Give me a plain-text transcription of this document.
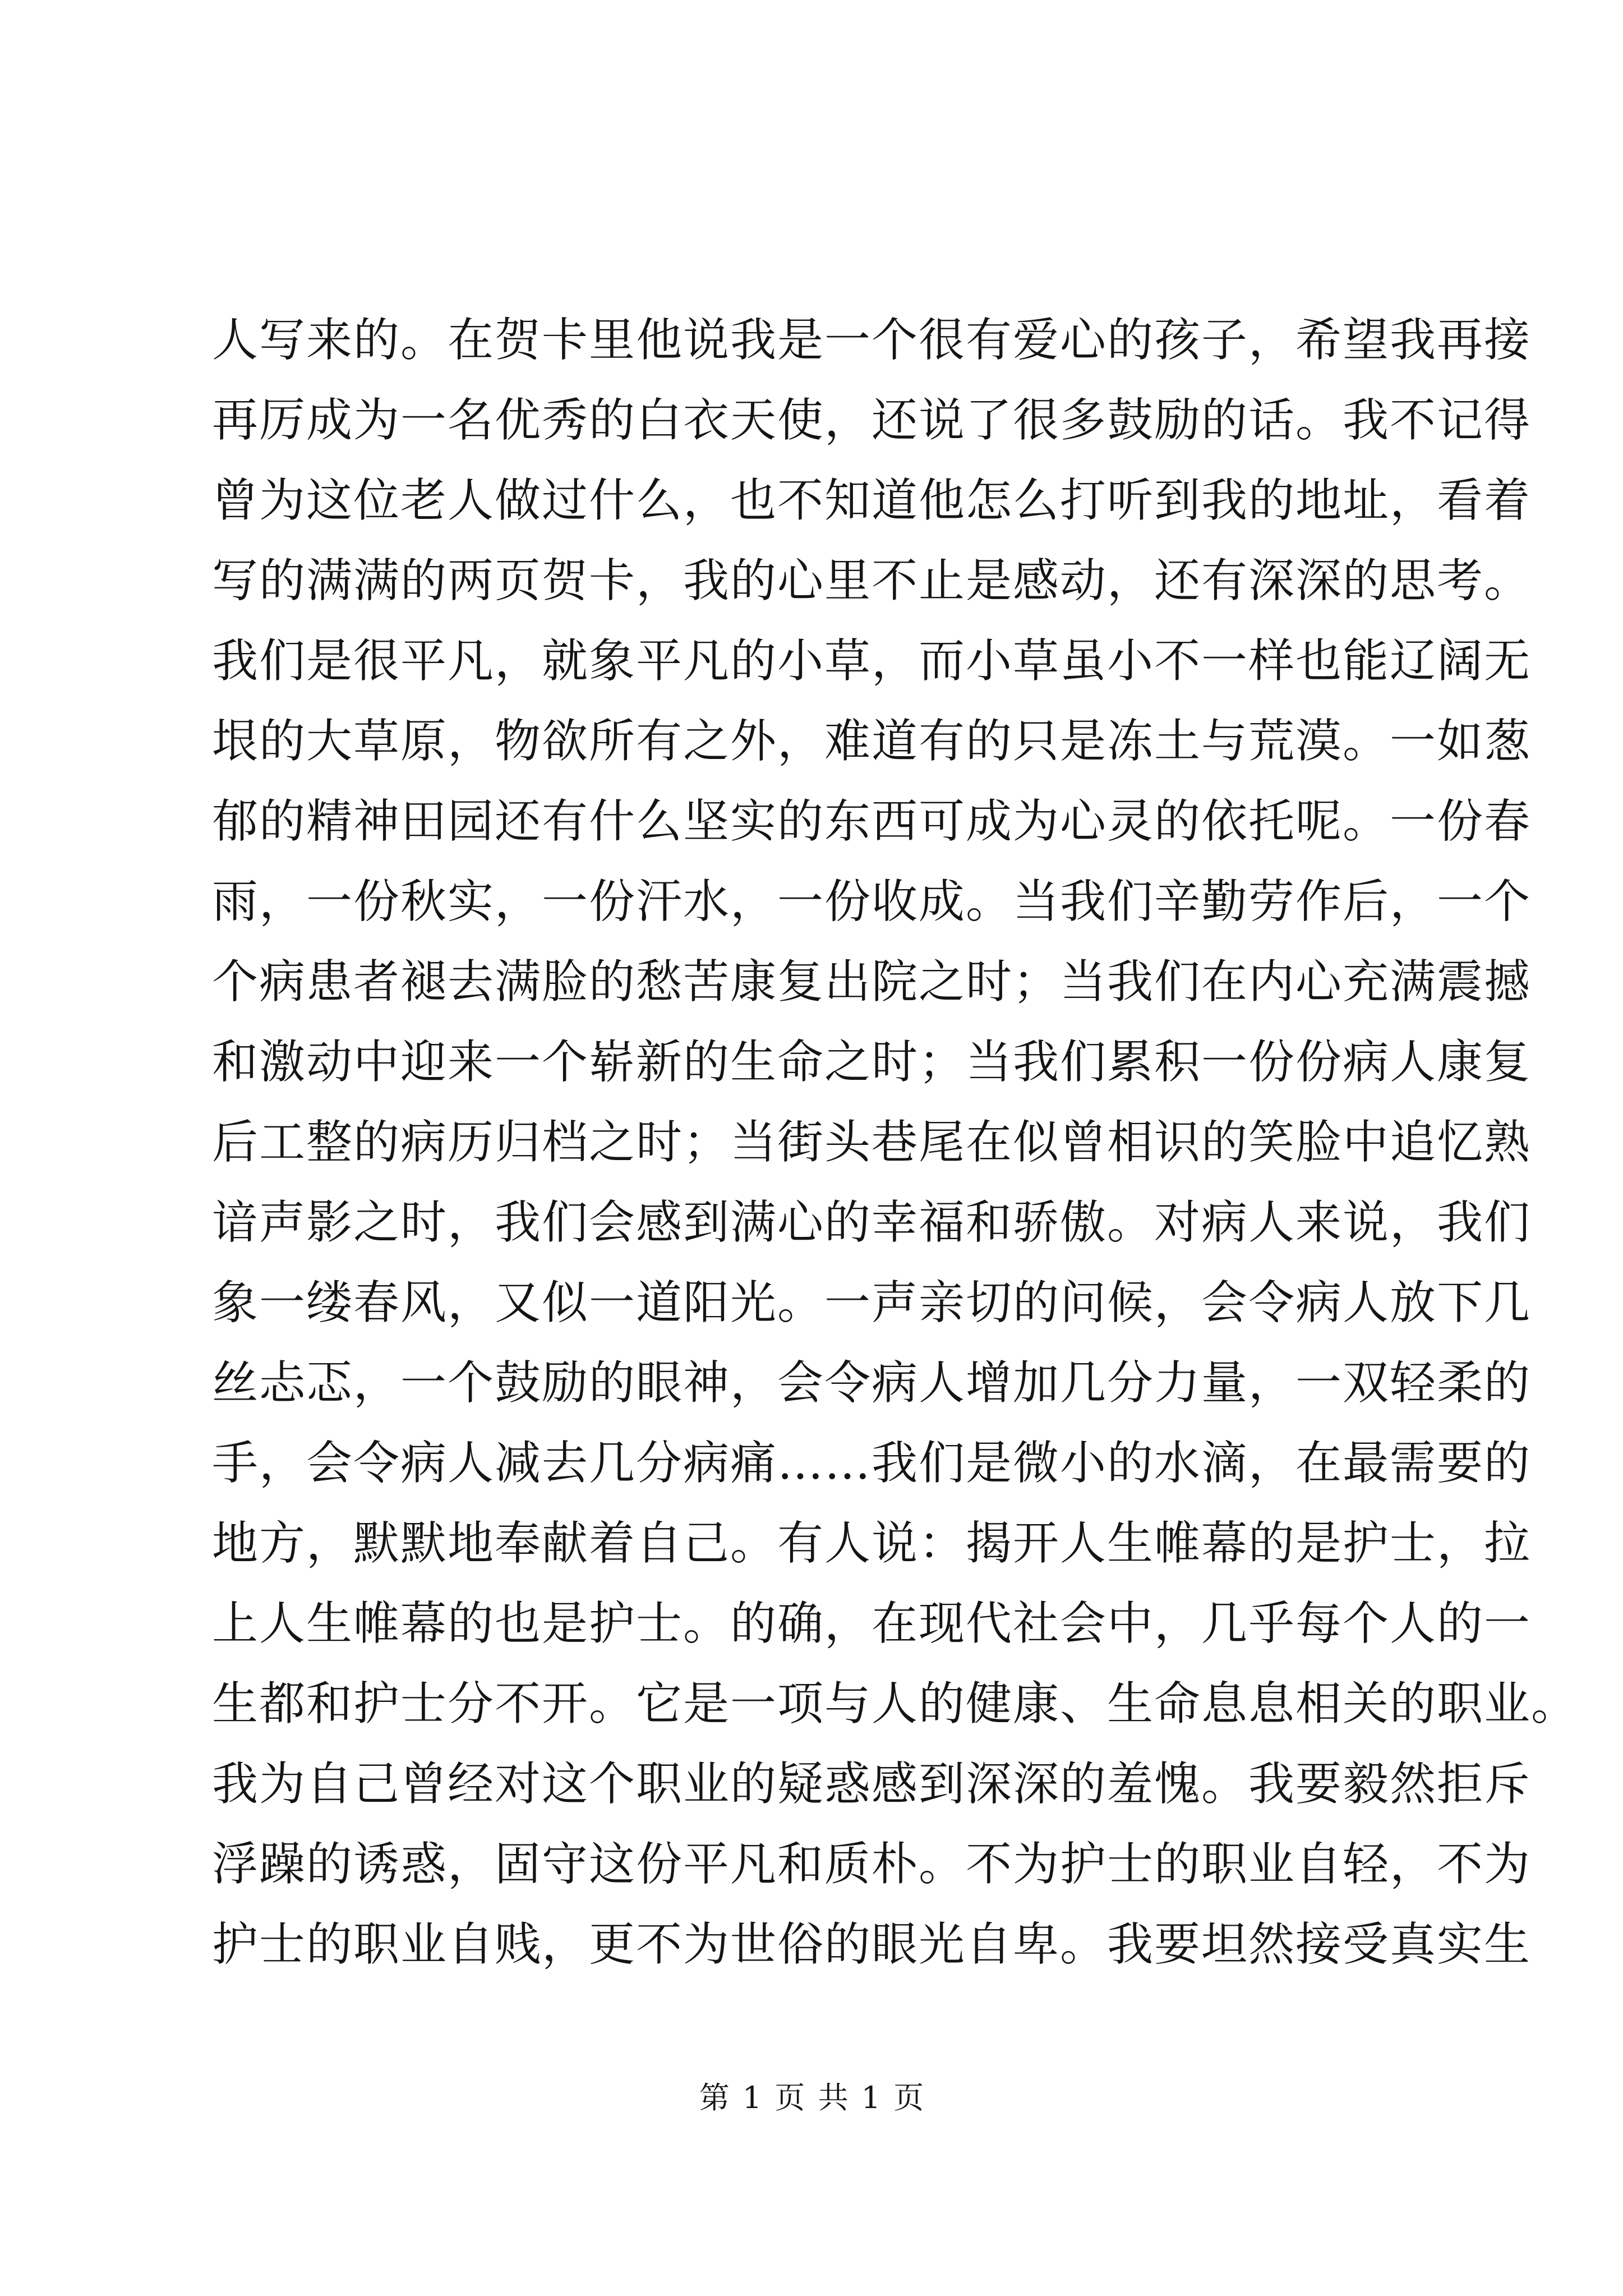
人写来的。在贺卡里他说我是一个很有爱心的孩子，希望我再接
再厉成为一名优秀的白衣天使，还说了很多鼓励的话。我不记得
曾为这位老人做过什么，也不知道他怎么打听到我的地址，看着
写的满满的两页贺卡，我的心里不止是感动，还有深深的思考。
我们是很平凡，就象平凡的小草，而小草虽小不一样也能辽阔无
垠的大草原，物欲所有之外，难道有的只是冻土与荒漠。一如葱
郁的精神田园还有什么坚实的东西可成为心灵的依托呢。一份春
雨，一份秋实，一份汗水，一份收成。当我们辛勤劳作后，一个
个病患者褪去满脸的愁苦康复出院之时；当我们在内心充满震撼
和激动中迎来一个崭新的生命之时；当我们累积一份份病人康复
后工整的病历归档之时；当街头巷尾在似曾相识的笑脸中追忆熟
谙声影之时，我们会感到满心的幸福和骄傲。对病人来说，我们
象一缕春风，又似一道阳光。一声亲切的问候，会令病人放下几
丝忐忑，一个鼓励的眼神，会令病人增加几分力量，一双轻柔的
手，会令病人减去几分病痛……我们是微小的水滴，在最需要的
地方，默默地奉献着自己。有人说：揭开人生帷幕的是护士，拉
上人生帷幕的也是护士。的确，在现代社会中，几乎每个人的一
生都和护士分不开。它是一项与人的健康、生命息息相关的职业。
我为自己曾经对这个职业的疑惑感到深深的羞愧。我要毅然拒斥
浮躁的诱惑，固守这份平凡和质朴。不为护士的职业自轻，不为
护士的职业自贱，更不为世俗的眼光自卑。我要坦然接受真实生
第 1 页 共 1 页
